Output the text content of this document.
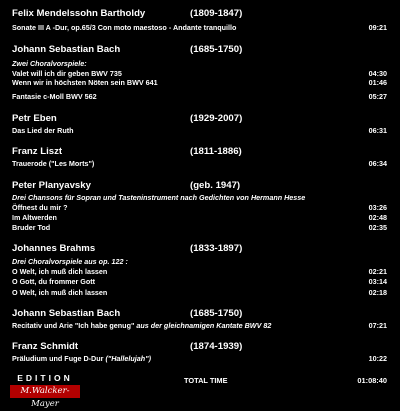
Felix Mendelssohn Bartholdy	(1809-1847)
Sonate III A -Dur, op.65/3 Con moto maestoso - Andante tranquillo	09:21
Johann Sebastian Bach	(1685-1750)
Zwei Choralvorspiele:
Valet will ich dir geben BWV 735	04:30
Wenn wir in höchsten Nöten sein BWV 641	01:46
Fantasie c-Moll BWV 562	05:27
Petr Eben	(1929-2007)
Das Lied der Ruth	06:31
Franz Liszt	(1811-1886)
Trauerode ("Les Morts")	06:34
Peter Planyavsky	(geb. 1947)
Drei Chansons für Sopran und Tasteninstrument nach Gedichten von Hermann Hesse
Öffnest du mir ?	03:26
Im Altwerden	02:48
Bruder Tod	02:35
Johannes Brahms	(1833-1897)
Drei Choralvorspiele aus op. 122 :
O Welt, ich muß dich lassen	02:21
O Gott, du frommer Gott	03:14
O Welt, ich muß dich lassen	02:18
Johann Sebastian Bach	(1685-1750)
Recitativ und Arie "Ich habe genug" aus der gleichnamigen Kantate BWV 82	07:21
Franz Schmidt	(1874-1939)
Präludium und Fuge D-Dur ("Hallelujah")	10:22
EDITION
M.Walcker-Mayer
TOTAL TIME	01:08:40
